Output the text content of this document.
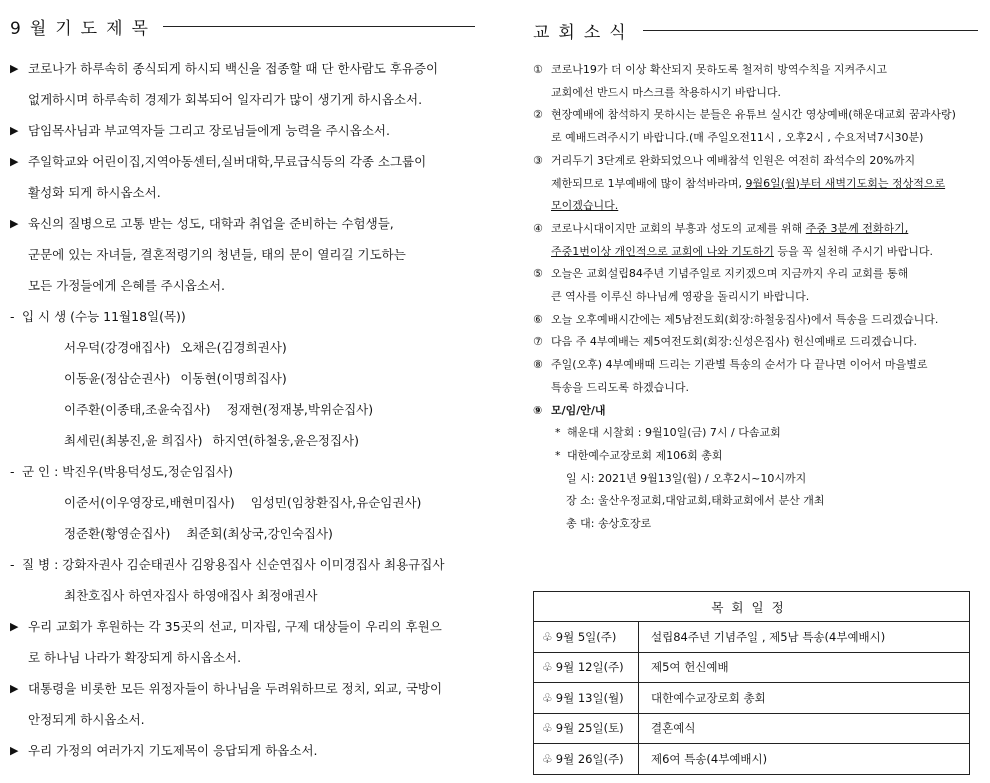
9월기도제목
▶ 코로나가 하루속히 종식되게 하시되 백신을 접종할 때 단 한사람도 후유증이
없게하시며 하루속히 경제가 회복되어 일자리가 많이 생기게 하시옵소서.
▶ 담임목사님과 부교역자들 그리고 장로님들에게 능력을 주시옵소서.
▶ 주일학교와 어린이집,지역아동센터,실버대학,무료급식등의 각종 소그룹이
활성화 되게 하시옵소서.
▶ 육신의 질병으로 고통 받는 성도, 대학과 취업을 준비하는 수험생들,
군문에 있는 자녀들, 결혼적령기의 청년들, 태의 문이 열리길 기도하는
모든 가정들에게 은혜를 주시옵소서.
- 입 시 생 (수능 11월18일(목))
서우덕(강경애집사) 오채은(김경희권사)
이동윤(정삼순권사) 이동현(이명희집사)
이주환(이종태,조윤숙집사) 정재현(정재봉,박위순집사)
최세린(최봉진,윤 희집사) 하지연(하철웅,윤은정집사)
- 군 인 : 박진우(박용덕성도,정순임집사)
이준서(이우영장로,배현미집사) 임성민(임창환집사,유순임권사)
정준환(황영순집사) 최준회(최상국,강인숙집사)
- 질 병 : 강화자권사 김순태권사 김왕용집사 신순연집사 이미경집사 최용규집사
최찬호집사 하연자집사 하영애집사 최정애권사
▶ 우리 교회가 후원하는 각 35곳의 선교, 미자립, 구제 대상들이 우리의 후원으
로 하나님 나라가 확장되게 하시옵소서.
▶ 대통령을 비롯한 모든 위정자들이 하나님을 두려워하므로 정치, 외교, 국방이
안정되게 하시옵소서.
▶ 우리 가정의 여러가지 기도제목이 응답되게 하옵소서.
교회소식
① 코로나19가 더 이상 확산되지 못하도록 철저히 방역수칙을 지켜주시고
교회에선 반드시 마스크를 착용하시기 바랍니다.
② 현장예배에 참석하지 못하시는 분들은 유튜브 실시간 영상예배(해운대교회 꿈과사랑)
로 예배드려주시기 바랍니다.(매 주일오전11시 , 오후2시 , 수요저녁7시30분)
③ 거리두기 3단계로 완화되었으나 예배참석 인원은 여전히 좌석수의 20%까지
제한되므로 1부예배에 많이 참석바라며, 9월6일(월)부터 새벽기도회는 정상적으로
모이겠습니다.
④ 코로나시대이지만 교회의 부흥과 성도의 교제를 위해 주중 3분께 전화하기,
주중1번이상 개인적으로 교회에 나와 기도하기 등을 꼭 실천해 주시기 바랍니다.
⑤ 오늘은 교회설립84주년 기념주일로 지키겠으며 지금까지 우리 교회를 통해
큰 역사를 이루신 하나님께 영광을 돌리시기 바랍니다.
⑥ 오늘 오후예배시간에는 제5남전도회(회장:하철웅집사)에서 특송을 드리겠습니다.
⑦ 다음 주 4부예배는 제5여전도회(회장:신성은집사) 헌신예배로 드리겠습니다.
⑧ 주일(오후) 4부예배때 드리는 기관별 특송의 순서가 다 끝나면 이어서 마을별로
특송을 드리도록 하겠습니다.
⑨ 모/임/안/내
* 해운대 시찰회 : 9월10일(금) 7시 / 다솜교회
* 대한예수교장로회 제106회 총회
일 시: 2021년 9월13일(월) / 오후2시~10시까지
장 소: 울산우정교회,대암교회,태화교회에서 분산 개최
총 대: 송상호장로
목회일정	
♧ 9월 5일(주)	설립84주년 기념주일 , 제5남 특송(4부예배시)
♧ 9월 12일(주)	제5여 헌신예배
♧ 9월 13일(월)	대한예수교장로회 총회
♧ 9월 25일(토)	결혼예식
♧ 9월 26일(주)	제6여 특송(4부예배시)
